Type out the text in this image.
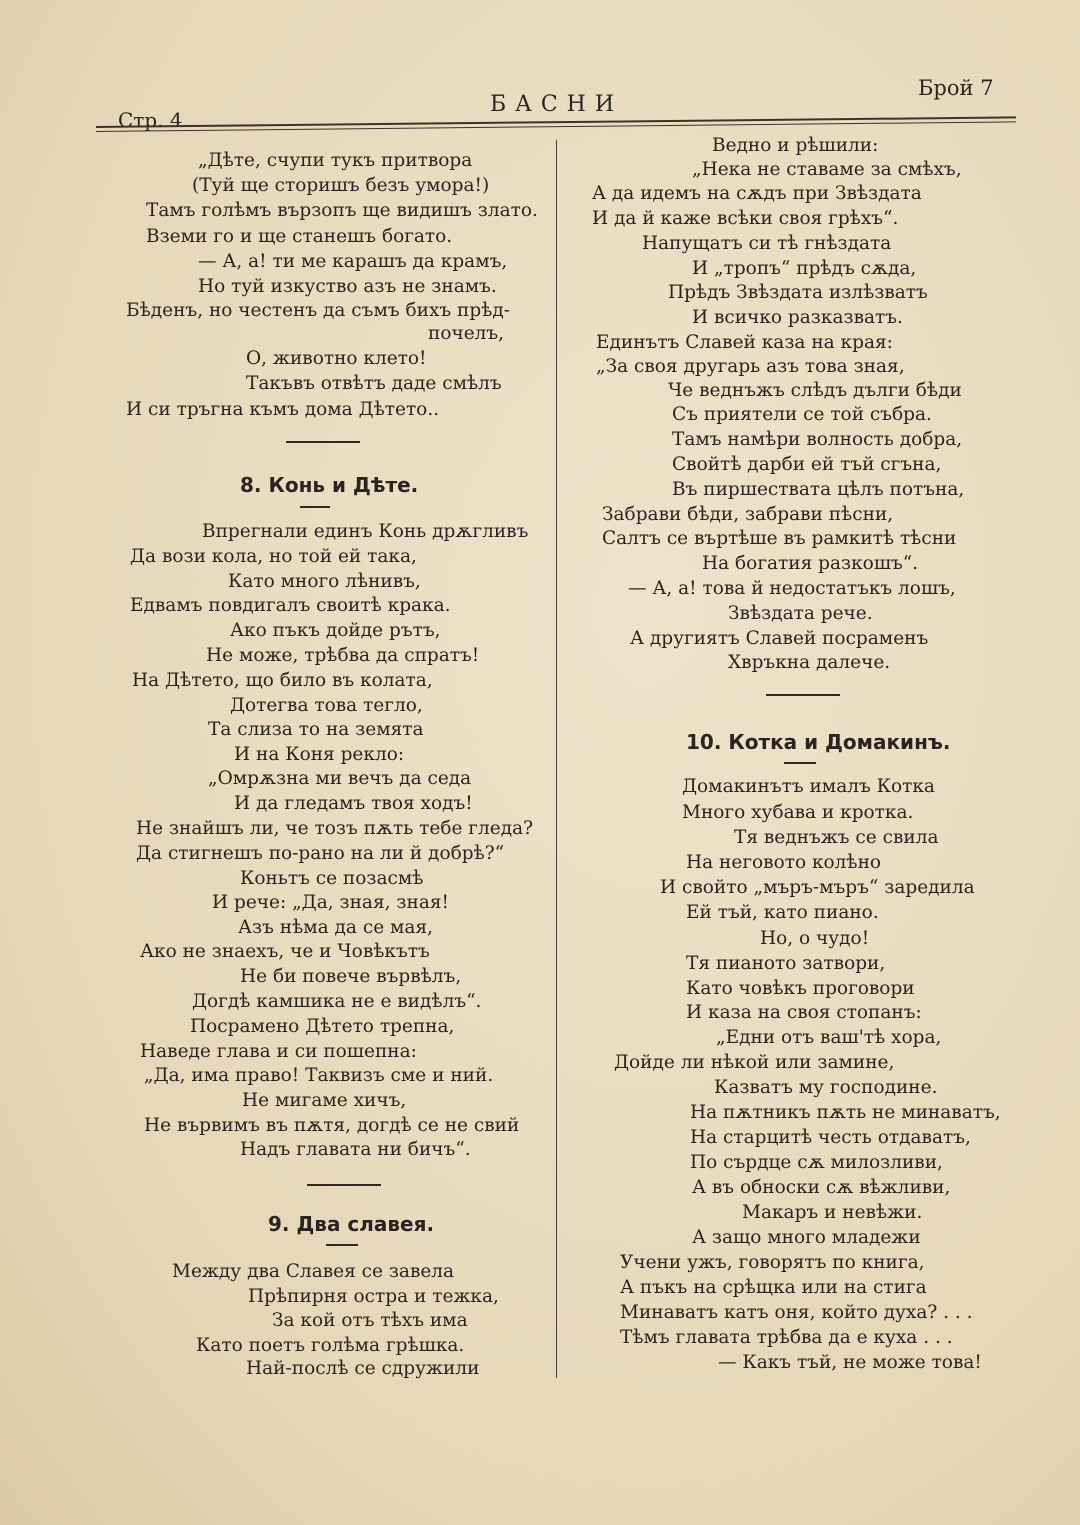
Стр. 4
БАСНИ
Брой 7
„Дѣте, счупи тукъ притвора
(Туй ще сторишъ безъ умора!)
Тамъ голѣмъ вързопъ ще видишъ злато.
Вземи го и ще станешъ богато.
— А, а! ти ме карашъ да крамъ,
Но туй изкуство азъ не знамъ.
Бѣденъ, но честенъ да съмъ бихъ прѣд-
почелъ,
О, животно клето!
Такъвъ отвѣтъ даде смѣлъ
И си тръгна къмъ дома Дѣтето..
8. Конь и Дѣте.
Впрегнали единъ Конь дрѫгливъ
Да вози кола, но той ей така,
Като много лѣнивъ,
Едвамъ повдигалъ своитѣ крака.
Ако пъкъ дойде рътъ,
Не може, трѣбва да спратъ!
На Дѣтето, що било въ колата,
Дотегва това тегло,
Та слиза то на земята
И на Коня рекло:
„Омрѫзна ми вечъ да седа
И да гледамъ твоя ходъ!
Не знайшъ ли, че тозъ пѫть тебе гледа?
Да стигнешъ по-рано на ли й добрѣ?“
Коньтъ се позасмѣ
И рече: „Да, зная, зная!
Азъ нѣма да се мая,
Ако не знаехъ, че и Човѣкътъ
Не би повече вървѣлъ,
Догдѣ камшика не е видѣлъ“.
Посрамено Дѣтето трепна,
Наведе глава и си пошепна:
„Да, има право! Таквизъ сме и ний.
Не мигаме хичъ,
Не вървимъ въ пѫтя, догдѣ се не свий
Надъ главата ни бичъ“.
9. Два славея.
Между два Славея се завела
Прѣпирня остра и тежка,
За кой отъ тѣхъ има
Като поетъ голѣма грѣшка.
Най-послѣ се сдружили
Ведно и рѣшили:
„Нека не ставаме за смѣхъ,
А да идемъ на сѫдъ при Звѣздата
И да й каже всѣки своя грѣхъ“.
Напущатъ си тѣ гнѣздата
И „тропъ“ прѣдъ сѫда,
Прѣдъ Звѣздата излѣзватъ
И всичко разказватъ.
Единътъ Славей каза на края:
„За своя другарь азъ това зная,
Че веднъжъ слѣдъ дълги бѣди
Съ приятели се той събра.
Тамъ намѣри волность добра,
Свойтѣ дарби ей тъй сгъна,
Въ пиршествата цѣлъ потъна,
Забрави бѣди, забрави пѣсни,
Салтъ се въртѣше въ рамкитѣ тѣсни
На богатия разкошъ“.
— А, а! това й недостатъкъ лошъ,
Звѣздата рече.
А другиятъ Славей посраменъ
Хвръкна далече.
10. Котка и Домакинъ.
Домакинътъ ималъ Котка
Много хубава и кротка.
Тя веднъжъ се свила
На неговото колѣно
И свойто „мъръ-мъръ“ заредила
Ей тъй, като пиано.
Но, о чудо!
Тя пианото затвори,
Като човѣкъ проговори
И каза на своя стопанъ:
„Едни отъ ваш'тѣ хора,
Дойде ли нѣкой или замине,
Казватъ му господине.
На пѫтникъ пѫть не минаватъ,
На старцитѣ честь отдаватъ,
По сърдце сѫ милозливи,
А въ обноски сѫ вѣжливи,
Макаръ и невѣжи.
А защо много младежи
Учени ужъ, говорятъ по книга,
А пъкъ на срѣщка или на стига
Минаватъ катъ оня, който духа? . . .
Тѣмъ главата трѣбва да е куха . . .
— Какъ тъй, не може това!
